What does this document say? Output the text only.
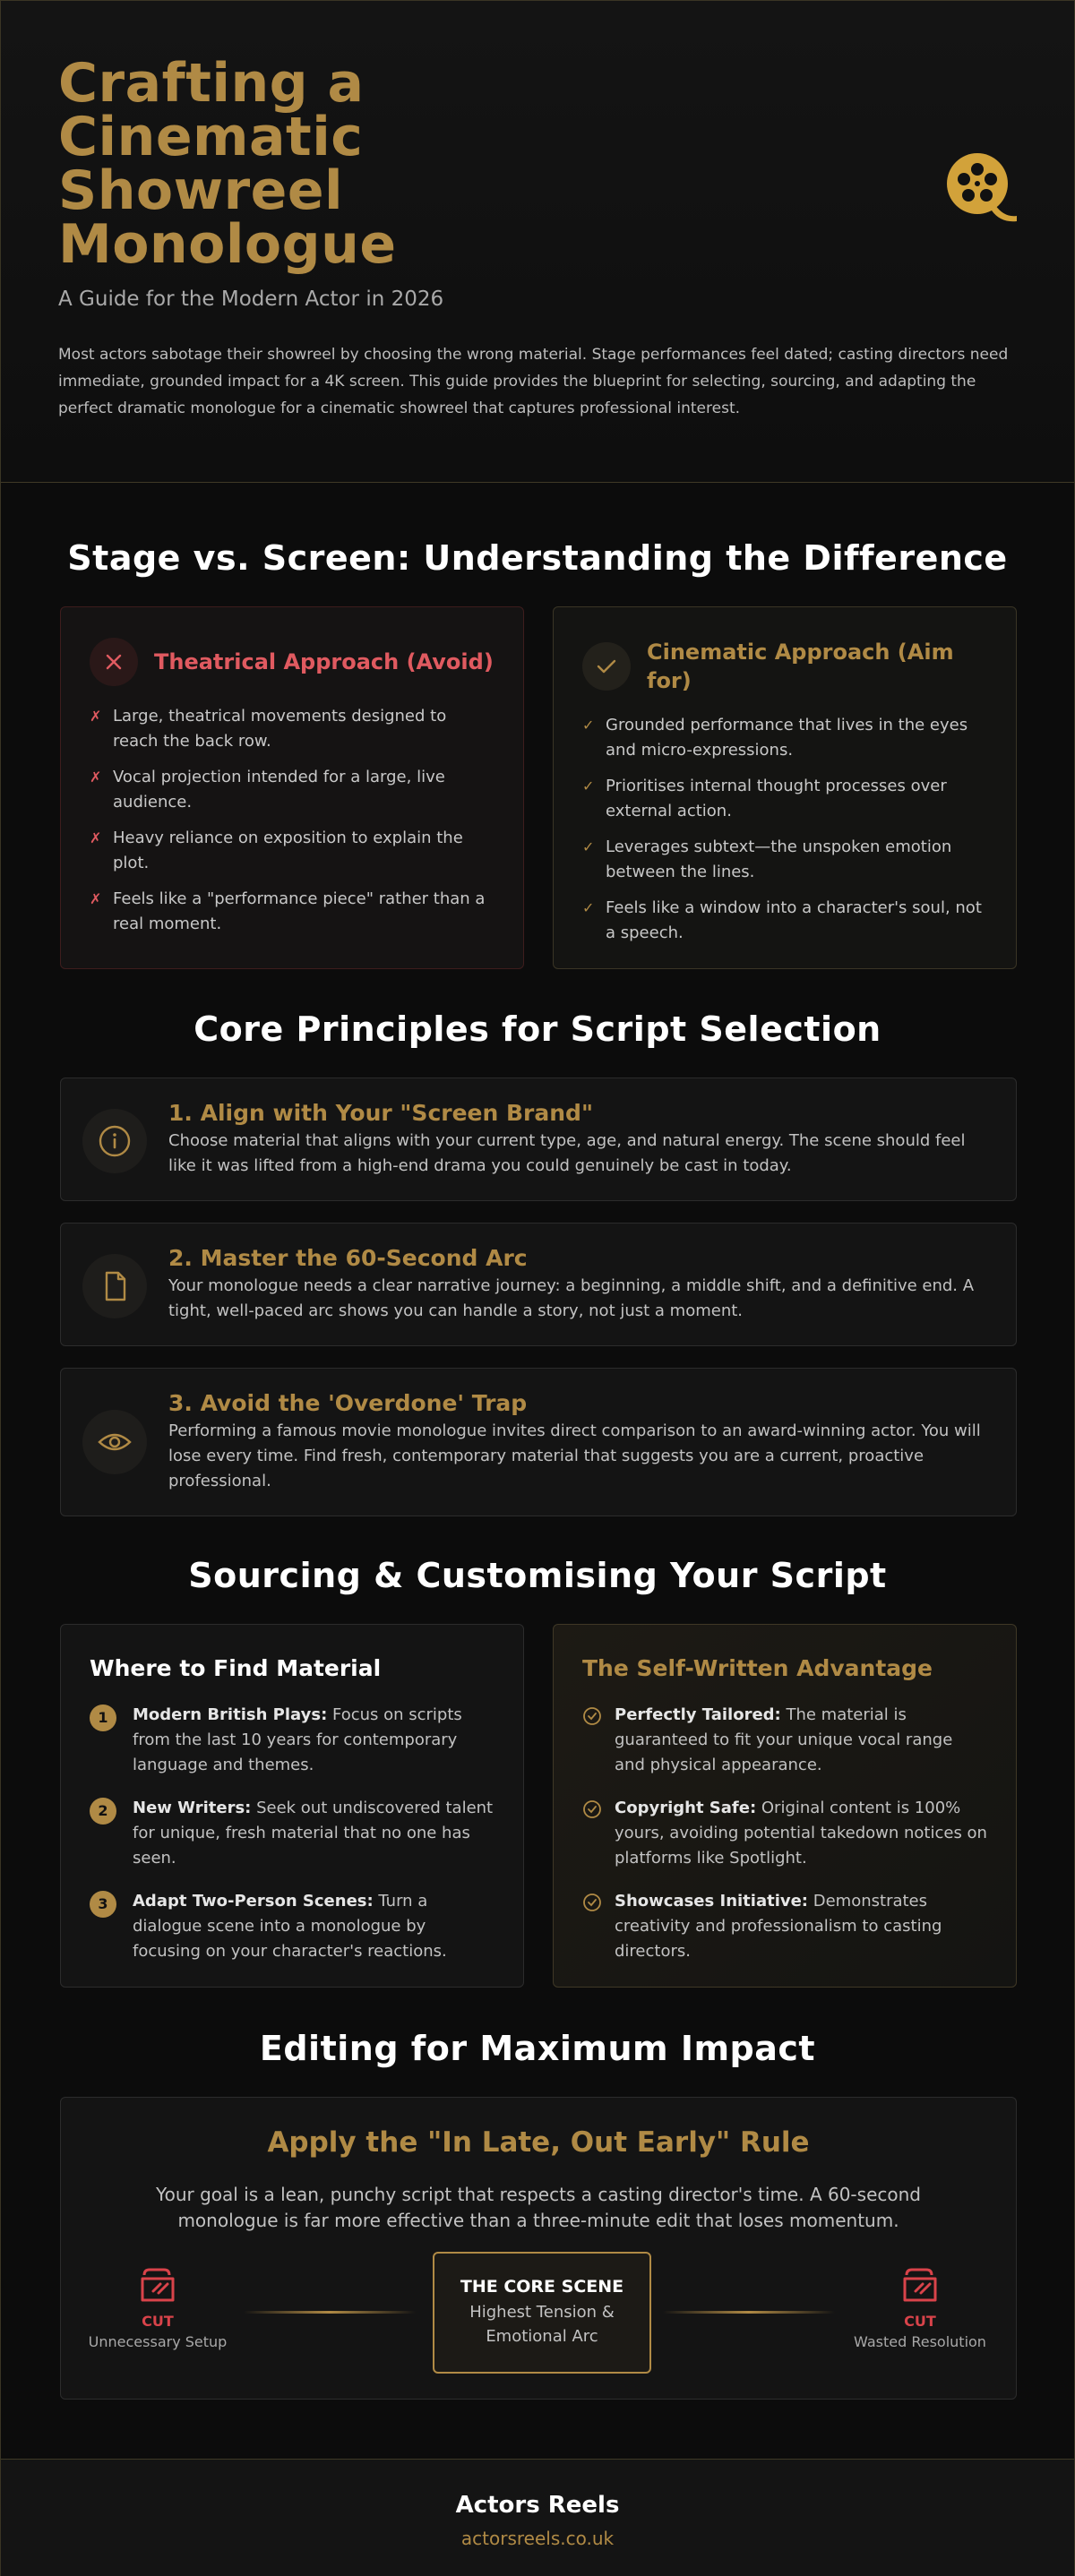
Crafting a Cinematic Showreel Monologue
A Guide for the Modern Actor in 2026

Most actors sabotage their showreel by choosing the wrong material. Stage performances feel dated; casting directors need immediate, grounded impact for a 4K screen. This guide provides the blueprint for selecting, sourcing, and adapting the perfect dramatic monologue for a cinematic showreel that captures professional interest.

Stage vs. Screen: Understanding the Difference
Theatrical Approach (Avoid)
✗ Large, theatrical movements designed to reach the back row.
✗ Vocal projection intended for a large, live audience.
✗ Heavy reliance on exposition to explain the plot.
✗ Feels like a "performance piece" rather than a real moment.
Cinematic Approach (Aim for)
✓ Grounded performance that lives in the eyes and micro-expressions.
✓ Prioritises internal thought processes over external action.
✓ Leverages subtext—the unspoken emotion between the lines.
✓ Feels like a window into a character's soul, not a speech.
Core Principles for Script Selection
1. Align with Your "Screen Brand"
Choose material that aligns with your current type, age, and natural energy. The scene should feel like it was lifted from a high-end drama you could genuinely be cast in today.
2. Master the 60-Second Arc
Your monologue needs a clear narrative journey: a beginning, a middle shift, and a definitive end. A tight, well-paced arc shows you can handle a story, not just a moment.
3. Avoid the 'Overdone' Trap
Performing a famous movie monologue invites direct comparison to an award-winning actor. You will lose every time. Find fresh, contemporary material that suggests you are a current, proactive professional.
Sourcing & Customising Your Script
Where to Find Material
1	Modern British Plays: Focus on scripts from the last 10 years for contemporary language and themes.
2	New Writers: Seek out undiscovered talent for unique, fresh material that no one has seen.
3	Adapt Two-Person Scenes: Turn a dialogue scene into a monologue by focusing on your character's reactions.
The Self-Written Advantage
Perfectly Tailored: The material is guaranteed to fit your unique vocal range and physical appearance.
Copyright Safe: Original content is 100% yours, avoiding potential takedown notices on platforms like Spotlight.
Showcases Initiative: Demonstrates creativity and professionalism to casting directors.
Editing for Maximum Impact
Apply the "In Late, Out Early" Rule

Your goal is a lean, punchy script that respects a casting director's time. A 60-second monologue is far more effective than a three-minute edit that loses momentum.

CUT
Unnecessary Setup
THE CORE SCENE
Highest Tension & Emotional Arc
CUT
Wasted Resolution
Actors Reels
actorsreels.co.uk
